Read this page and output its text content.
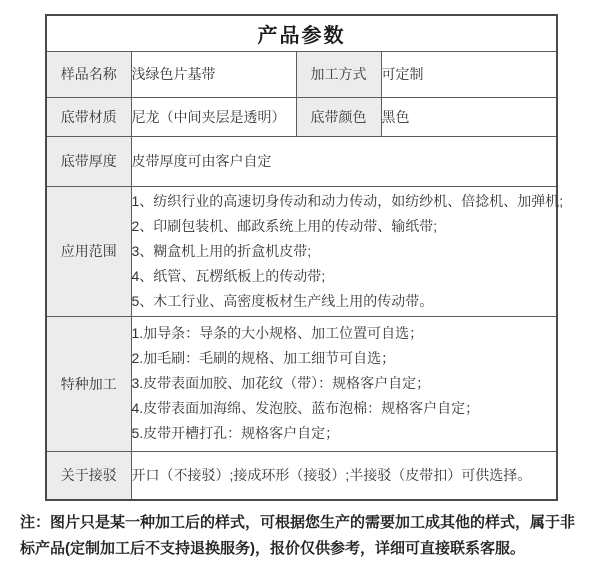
产品参数			
样品名称	浅绿色片基带	加工方式	可定制
底带材质	尼龙（中间夹层是透明）	底带颜色	黑色
底带厚度	皮带厚度可由客户自定		
应用范围	1、纺织行业的高速切身传动和动力传动，如纺纱机、倍捻机、加弹机;
2、印刷包装机、邮政系统上用的传动带、输纸带;
3、糊盒机上用的折盒机皮带;
4、纸管、瓦楞纸板上的传动带;
5、木工行业、高密度板材生产线上用的传动带。		

特种加工	1.加导条：导条的大小规格、加工位置可自选；
2.加毛刷：毛刷的规格、加工细节可自选；
3.皮带表面加胶、加花纹（带）：规格客户自定；
4.皮带表面加海绵、发泡胶、蓝布泡棉：规格客户自定；
5.皮带开槽打孔：规格客户自定；		

关于接驳	开口（不接驳）;接成环形（接驳）;半接驳（皮带扣）可供选择。		
注：图片只是某一种加工后的样式，可根据您生产的需要加工成其他的样式，属于非标产品(定制加工后不支持退换服务)，报价仅供参考，详细可直接联系客服。
